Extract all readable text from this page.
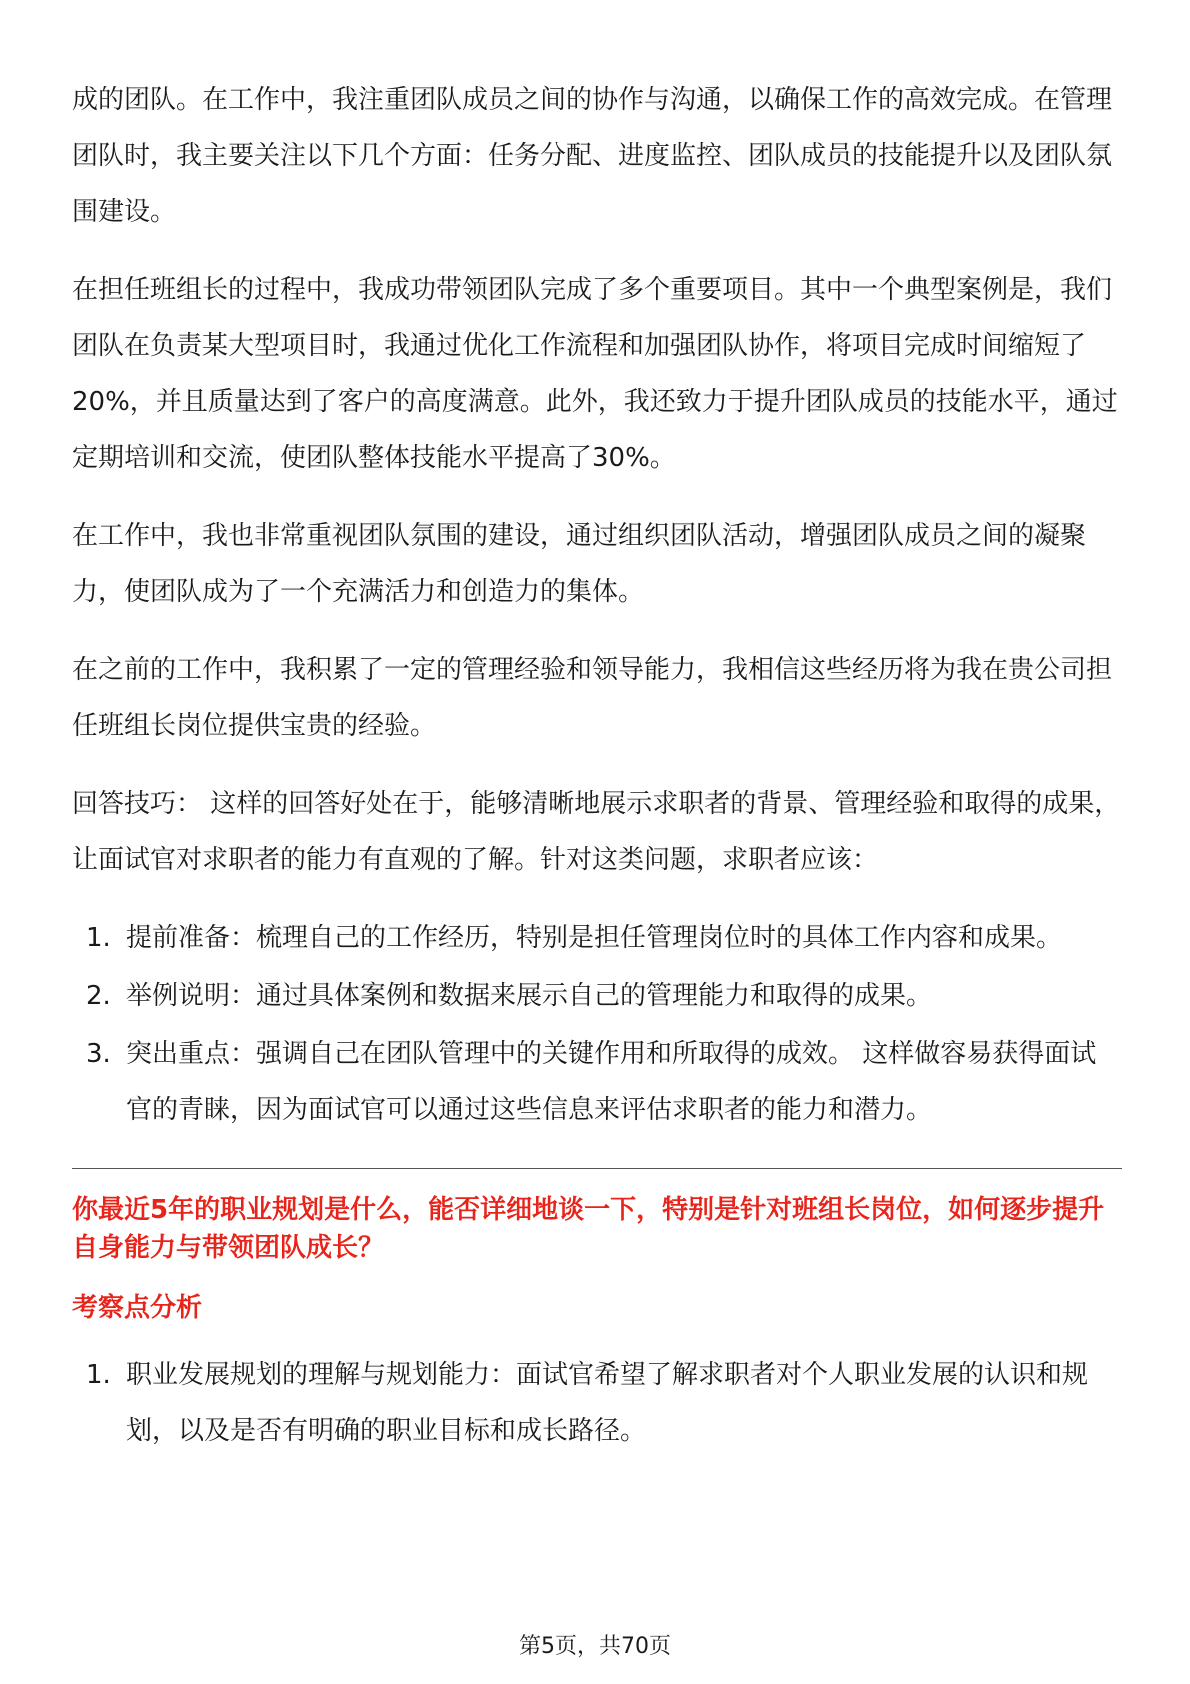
成的团队。在工作中，我注重团队成员之间的协作与沟通，以确保工作的高效完成。在管理团队时，我主要关注以下几个方面：任务分配、进度监控、团队成员的技能提升以及团队氛围建设。

在担任班组长的过程中，我成功带领团队完成了多个重要项目。其中一个典型案例是，我们团队在负责某大型项目时，我通过优化工作流程和加强团队协作，将项目完成时间缩短了20%，并且质量达到了客户的高度满意。此外，我还致力于提升团队成员的技能水平，通过定期培训和交流，使团队整体技能水平提高了30%。

在工作中，我也非常重视团队氛围的建设，通过组织团队活动，增强团队成员之间的凝聚力，使团队成为了一个充满活力和创造力的集体。

在之前的工作中，我积累了一定的管理经验和领导能力，我相信这些经历将为我在贵公司担任班组长岗位提供宝贵的经验。

回答技巧： 这样的回答好处在于，能够清晰地展示求职者的背景、管理经验和取得的成果，让面试官对求职者的能力有直观的了解。针对这类问题，求职者应该：

1. 提前准备：梳理自己的工作经历，特别是担任管理岗位时的具体工作内容和成果。
2. 举例说明：通过具体案例和数据来展示自己的管理能力和取得的成果。
3. 突出重点：强调自己在团队管理中的关键作用和所取得的成效。 这样做容易获得面试官的青睐，因为面试官可以通过这些信息来评估求职者的能力和潜力。
你最近5年的职业规划是什么，能否详细地谈一下，特别是针对班组长岗位，如何逐步提升自身能力与带领团队成长？
考察点分析
1. 职业发展规划的理解与规划能力：面试官希望了解求职者对个人职业发展的认识和规划，以及是否有明确的职业目标和成长路径。
第5页，共70页
